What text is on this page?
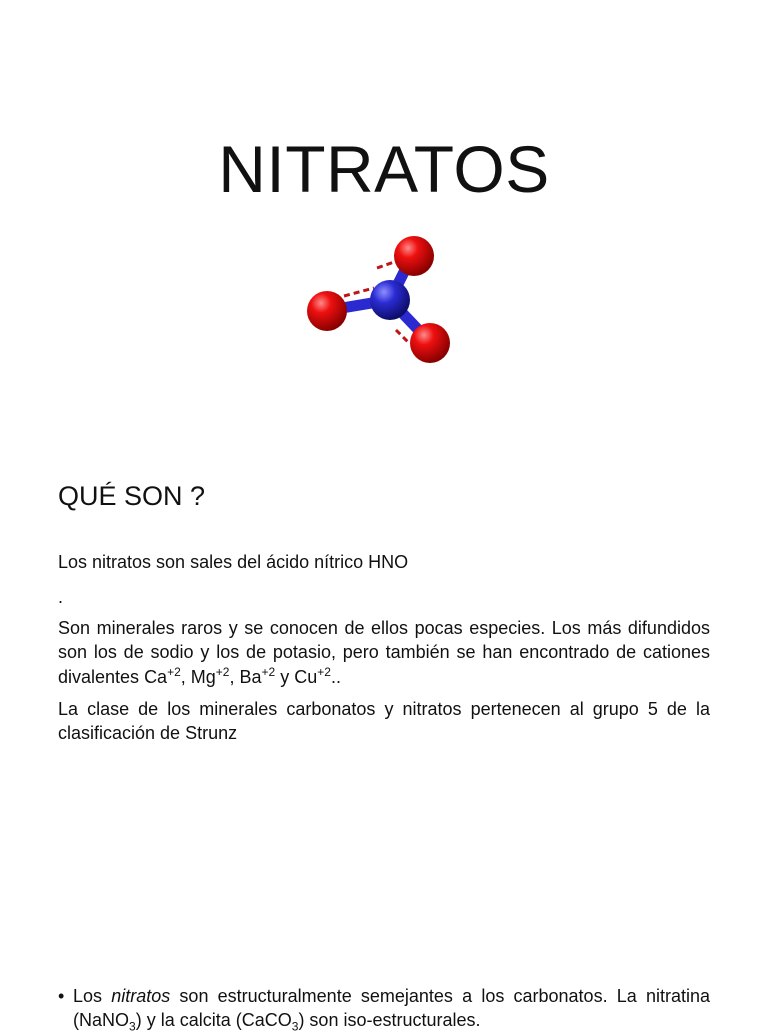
NITRATOS
QUÉ SON ?
Los nitratos son sales del ácido nítrico HNO
.
Son minerales raros y se conocen de ellos pocas especies. Los más difundidos son los de sodio y los de potasio, pero también se han encontrado de cationes divalentes $Ca^{+2}$, $Mg^{+2}$, $Ba^{+2}$ y $Cu^{+2}$..
La clase de los minerales carbonatos y nitratos pertenecen al grupo 5 de la clasificación de Strunz
• Los nitratos son estructuralmente semejantes a los carbonatos. La nitratina (NaNO$_3$) y la calcita (CaCO$_3$) son iso-estructurales.
